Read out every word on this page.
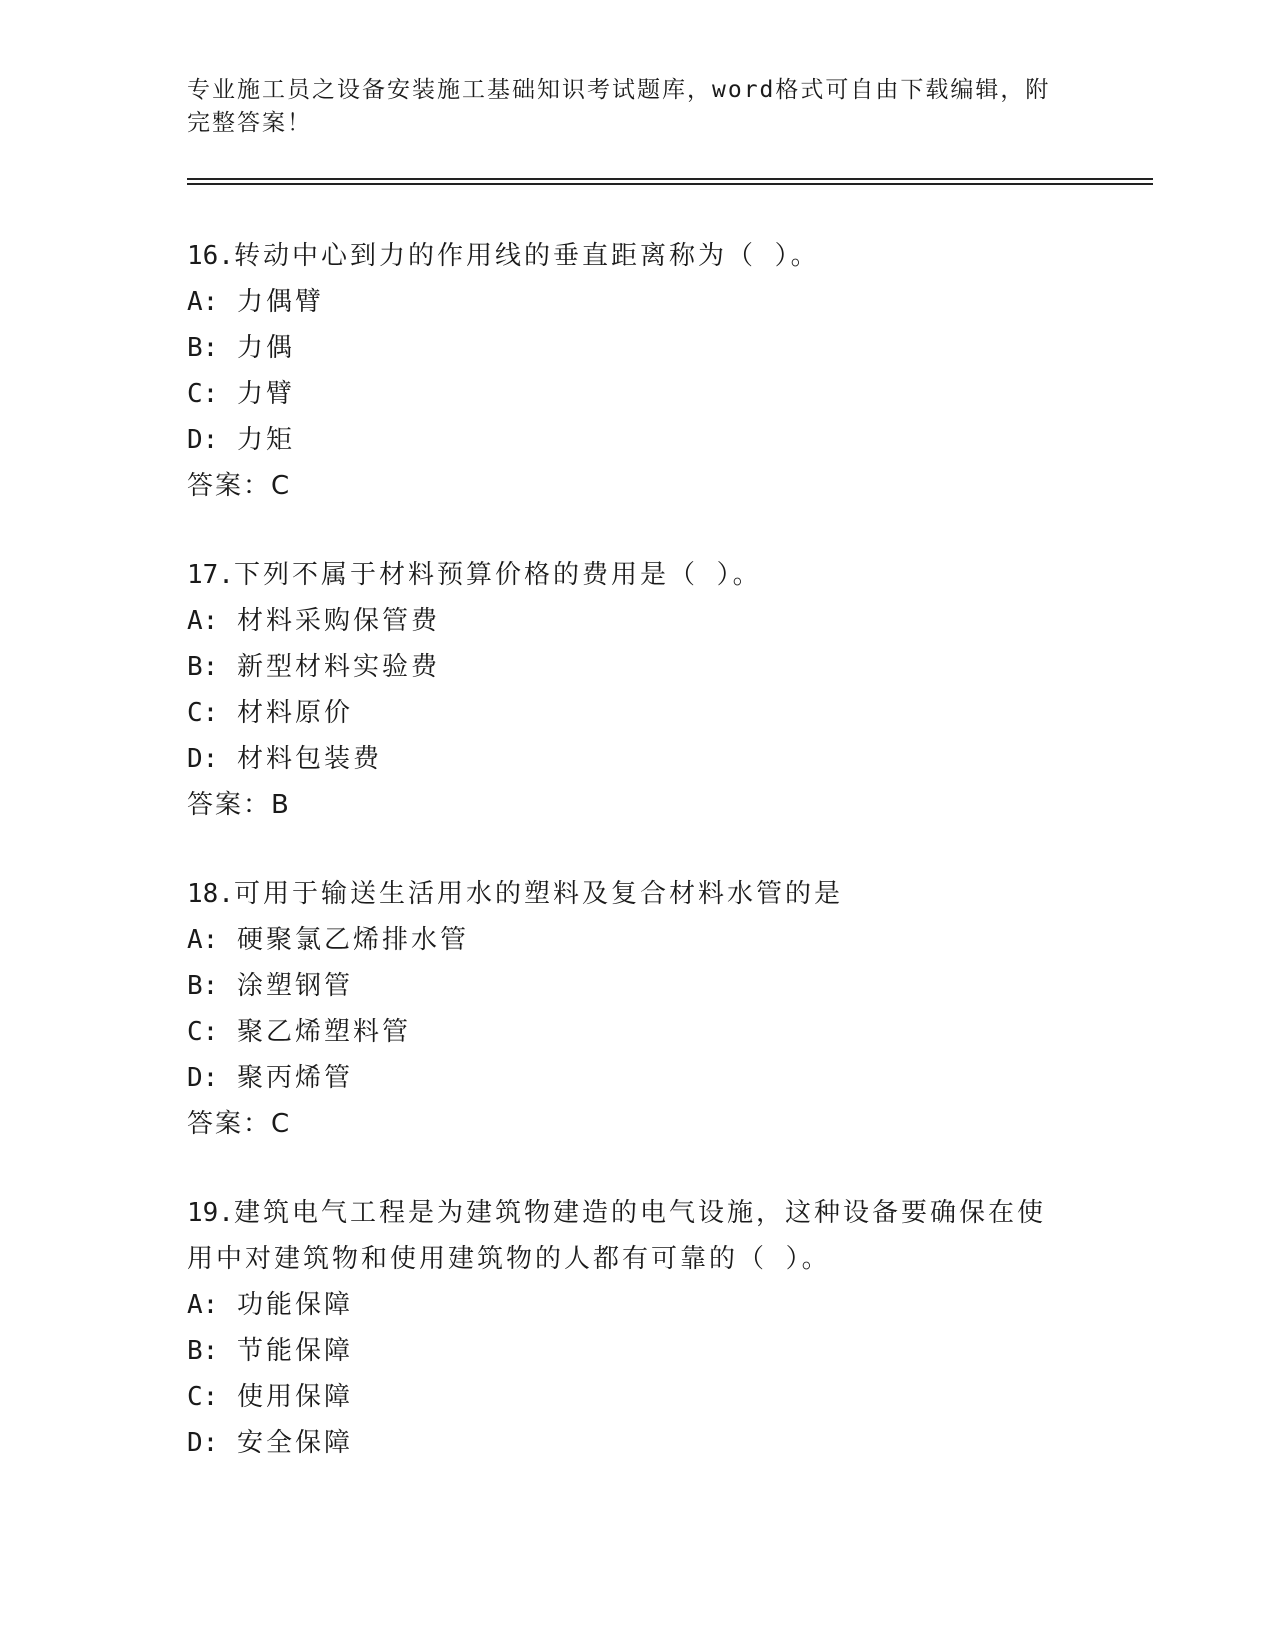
专业施工员之设备安装施工基础知识考试题库，word格式可自由下载编辑，附完整答案！

16.转动中心到力的作用线的垂直距离称为（ ）。

A: 力偶臂
B: 力偶
C: 力臂
D: 力矩
答案：C

17.下列不属于材料预算价格的费用是（ ）。

A: 材料采购保管费
B: 新型材料实验费
C: 材料原价
D: 材料包装费
答案：B

18.可用于输送生活用水的塑料及复合材料水管的是

A: 硬聚氯乙烯排水管
B: 涂塑钢管
C: 聚乙烯塑料管
D: 聚丙烯管
答案：C

19.建筑电气工程是为建筑物建造的电气设施，这种设备要确保在使用中对建筑物和使用建筑物的人都有可靠的（ ）。

A: 功能保障
B: 节能保障
C: 使用保障
D: 安全保障
